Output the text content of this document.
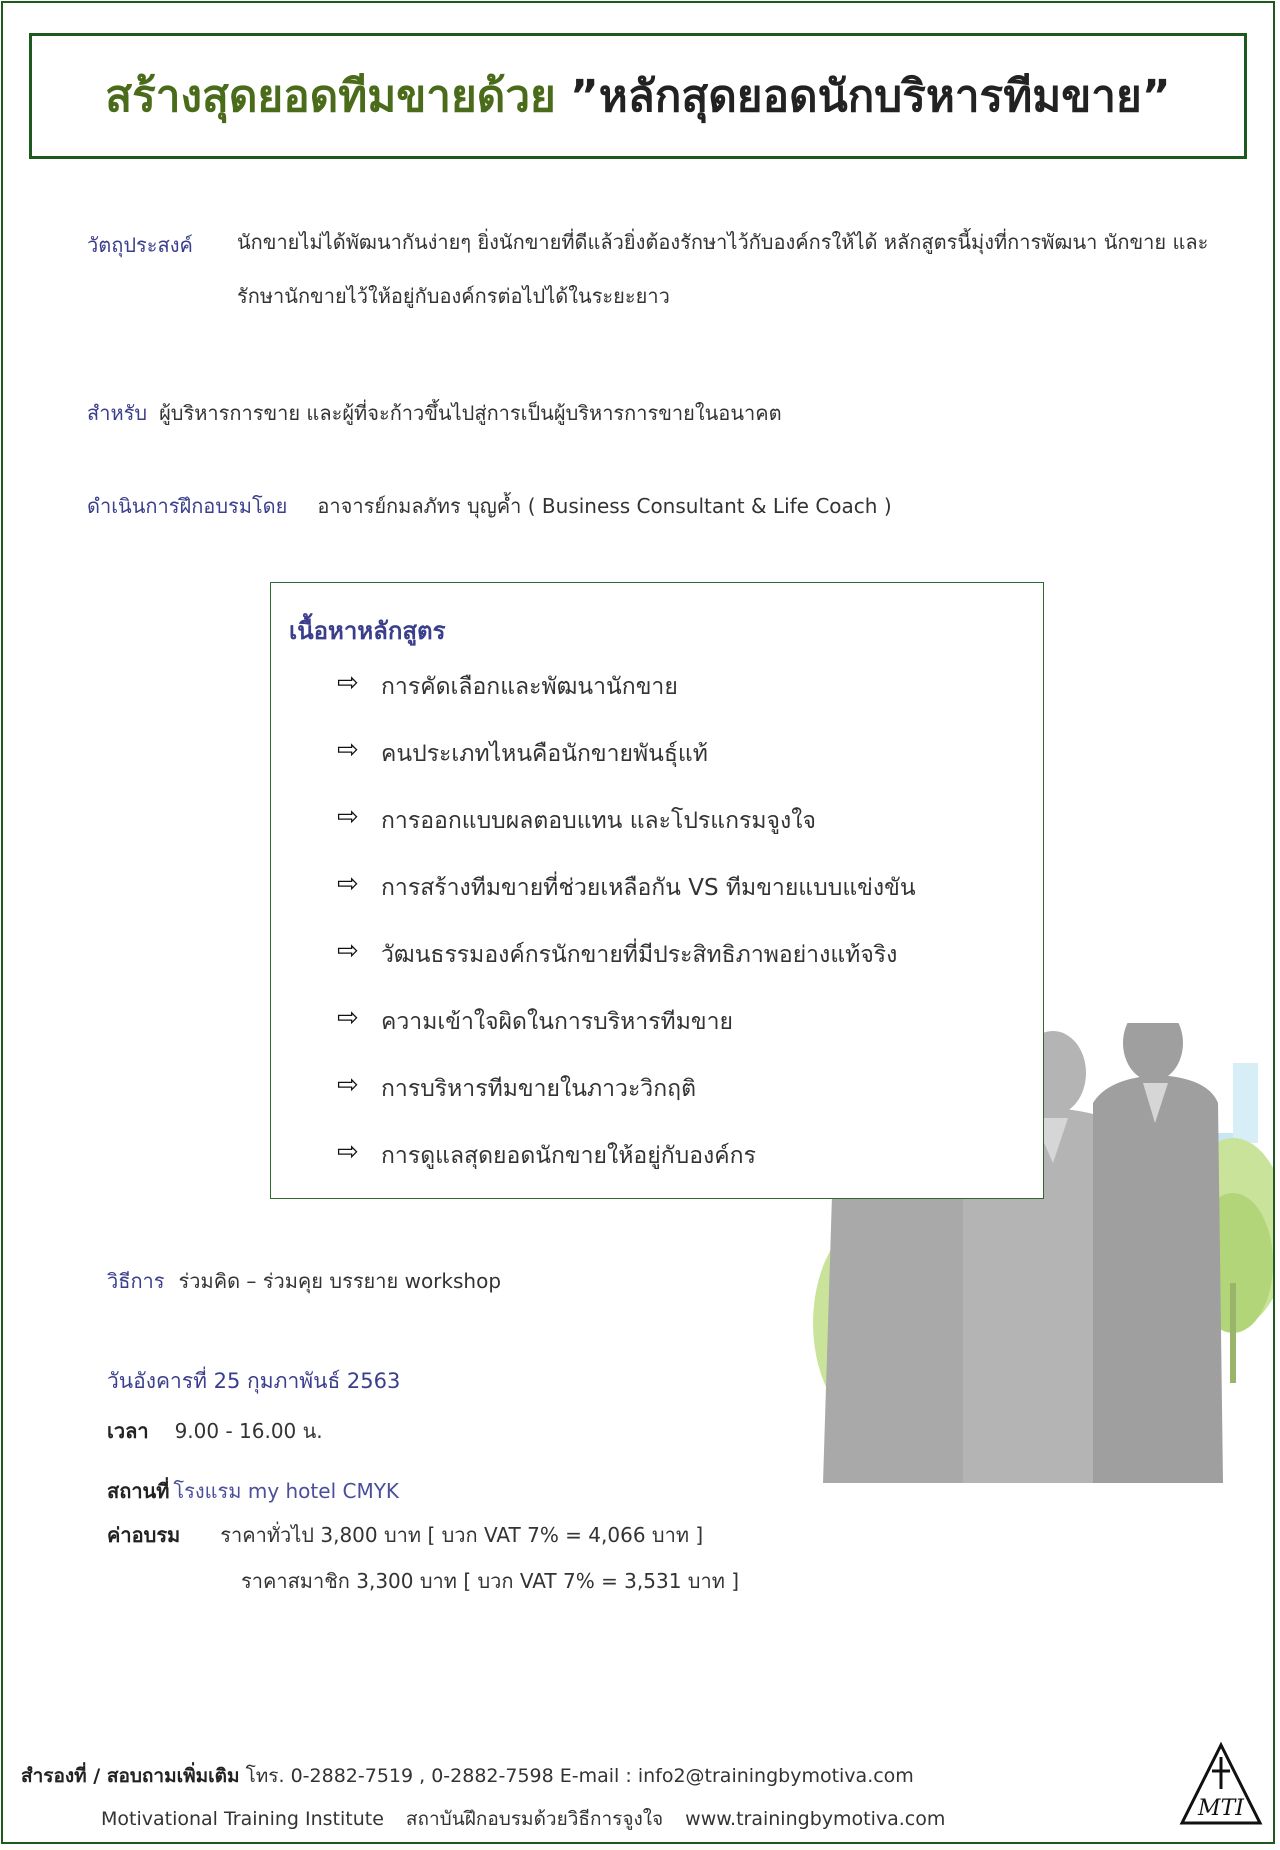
สร้างสุดยอดทีมขายด้วย ”หลักสุดยอดนักบริหารทีมขาย”
วัตถุประสงค์ นักขายไม่ได้พัฒนากันง่ายๆ ยิ่งนักขายที่ดีแล้วยิ่งต้องรักษาไว้กับองค์กรให้ได้ หลักสูตรนี้มุ่งที่การพัฒนา นักขาย และรักษานักขายไว้ให้อยู่กับองค์กรต่อไปได้ในระยะยาว
สำหรับ ผู้บริหารการขาย และผู้ที่จะก้าวขึ้นไปสู่การเป็นผู้บริหารการขายในอนาคต
ดำเนินการฝึกอบรมโดย อาจารย์กมลภัทร บุญค้ำ ( Business Consultant & Life Coach )
เนื้อหาหลักสูตร
⇨ การคัดเลือกและพัฒนานักขาย
⇨ คนประเภทไหนคือนักขายพันธุ์แท้
⇨ การออกแบบผลตอบแทน และโปรแกรมจูงใจ
⇨ การสร้างทีมขายที่ช่วยเหลือกัน VS ทีมขายแบบแข่งขัน
⇨ วัฒนธรรมองค์กรนักขายที่มีประสิทธิภาพอย่างแท้จริง
⇨ ความเข้าใจผิดในการบริหารทีมขาย
⇨ การบริหารทีมขายในภาวะวิกฤติ
⇨ การดูแลสุดยอดนักขายให้อยู่กับองค์กร
วิธีการ ร่วมคิด – ร่วมคุย บรรยาย workshop
วันอังคารที่ 25 กุมภาพันธ์ 2563
เวลา 9.00 - 16.00 น.
สถานที่ โรงแรม my hotel CMYK
ค่าอบรม ราคาทั่วไป 3,800 บาท [ บวก VAT 7% = 4,066 บาท ]
ราคาสมาชิก 3,300 บาท [ บวก VAT 7% = 3,531 บาท ]
สำรองที่ / สอบถามเพิ่มเติม โทร. 0-2882-7519 , 0-2882-7598 E-mail : info2@trainingbymotiva.com
Motivational Training Institute สถาบันฝึกอบรมด้วยวิธีการจูงใจ www.trainingbymotiva.com	MTI
